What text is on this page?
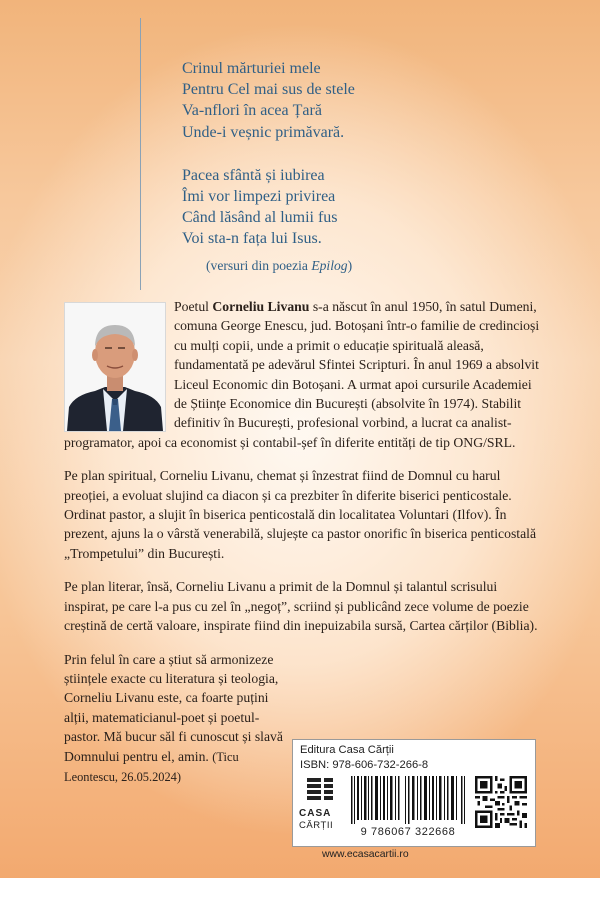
Crinul mărturiei mele
Pentru Cel mai sus de stele
Va-nflori în acea Țară
Unde-i veșnic primăvară.

Pacea sfântă și iubirea
Îmi vor limpezi privirea
Când lăsând al lumii fus
Voi sta-n fața lui Isus.

(versuri din poezia Epilog)

Poetul Corneliu Livanu s-a născut în anul 1950, în satul Dumeni, comuna George Enescu, jud. Botoșani într-o familie de credincioși cu mulți copii, unde a primit o educație spirituală aleasă, fundamentată pe adevărul Sfintei Scripturi. În anul 1969 a absolvit Liceul Economic din Botoșani. A urmat apoi cursurile Academiei de Științe Economice din București (absolvite în 1974). Stabilit definitiv în București, profesional vorbind, a lucrat ca analist-programator, apoi ca economist și contabil-șef în diferite entități de tip ONG/SRL.

Pe plan spiritual, Corneliu Livanu, chemat și înzestrat fiind de Domnul cu harul preoției, a evoluat slujind ca diacon și ca prezbiter în diferite biserici penticostale. Ordinat pastor, a slujit în biserica penticostală din localitatea Voluntari (Ilfov). În prezent, ajuns la o vârstă venerabilă, slujește ca pastor onorific în biserica penticostală „Trompetului” din București.

Pe plan literar, însă, Corneliu Livanu a primit de la Domnul și talantul scrisului inspirat, pe care l-a pus cu zel în „negoț”, scriind și publicând zece volume de poezie creștină de certă valoare, inspirate fiind din inepuizabila sursă, Cartea cărților (Biblia).

Prin felul în care a știut să armonizeze științele exacte cu literatura și teologia, Corneliu Livanu este, ca foarte puțini alții, matematicianul-poet și poetul-pastor. Mă bucur săl fi cunoscut și slavă Domnului pentru el, amin. (Ticu Leontescu, 26.05.2024)

Editura Casa Cărții
ISBN: 978-606-732-266-8
CASA
CĂRȚII
9 786067 322668
www.ecasacartii.ro
